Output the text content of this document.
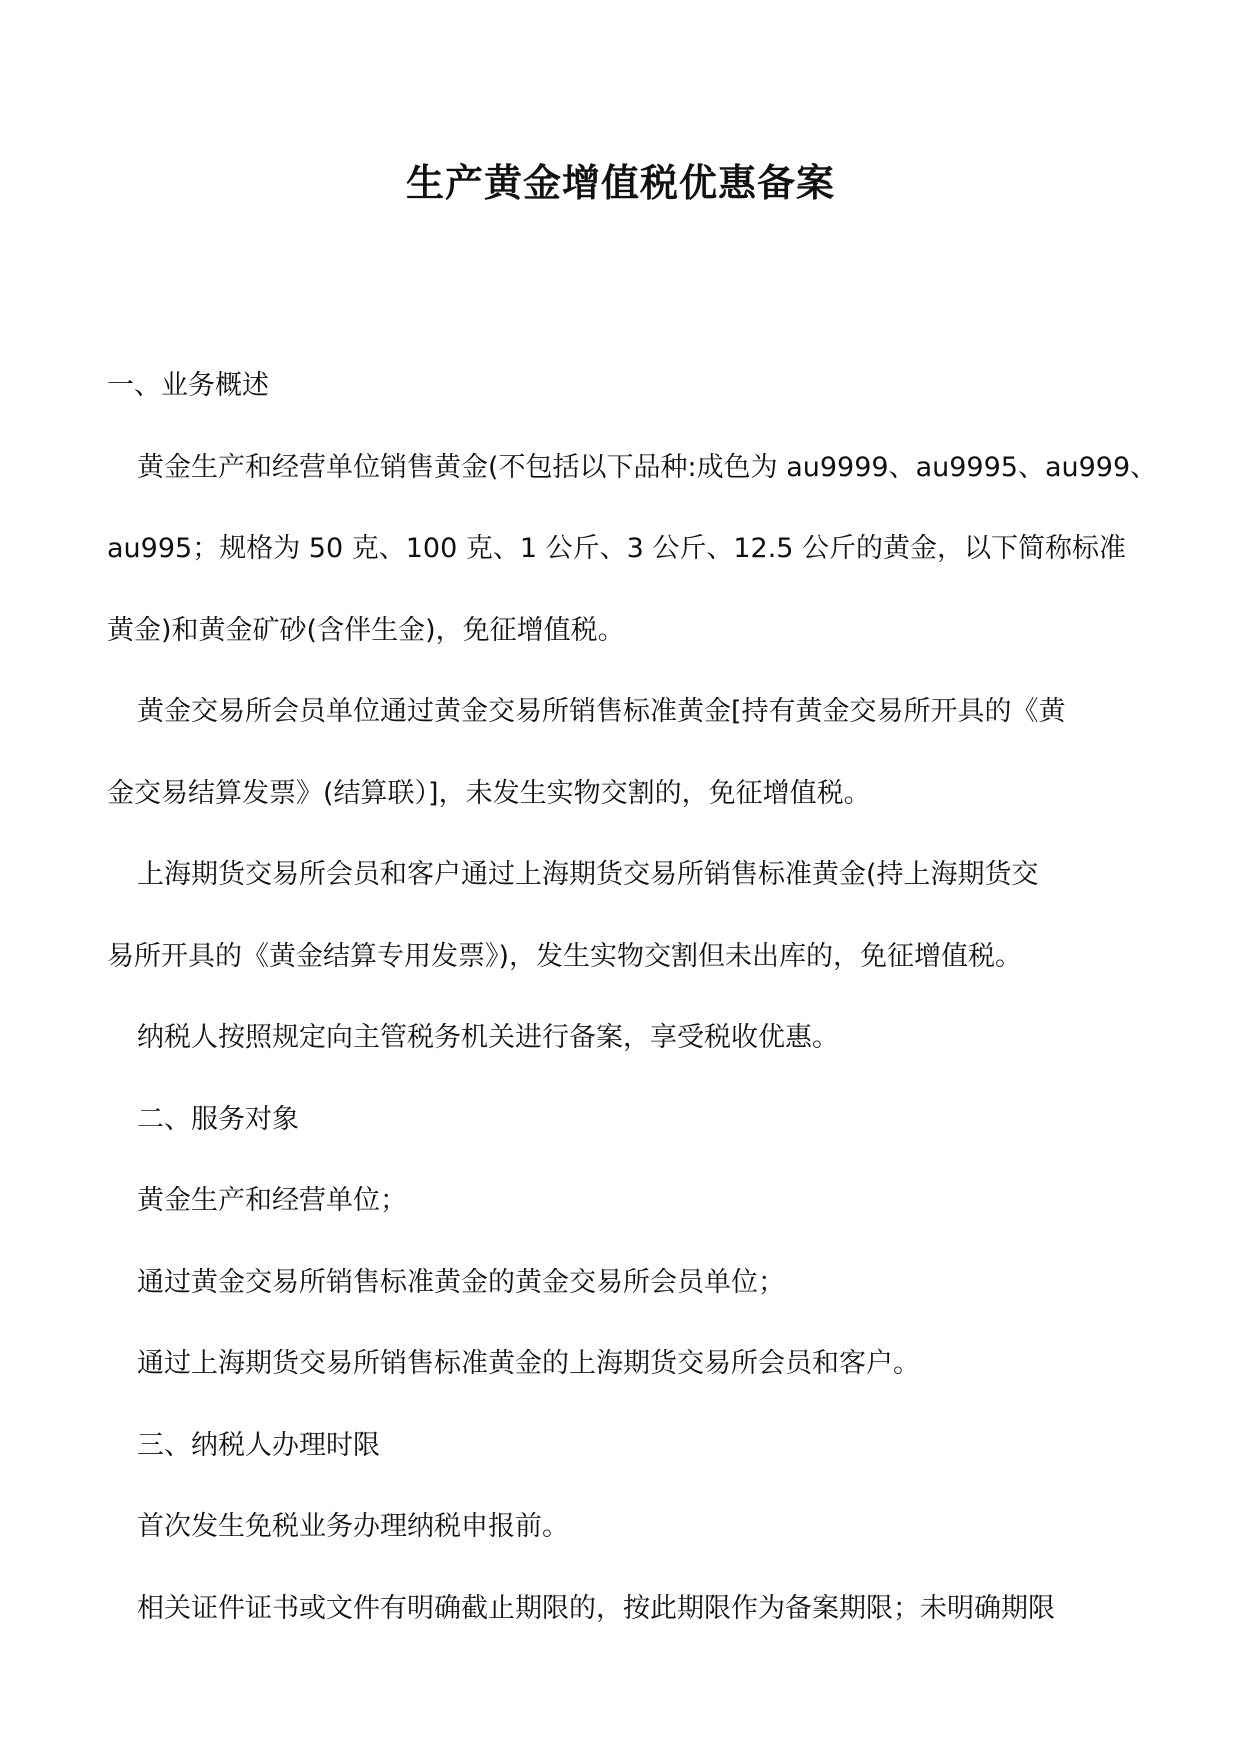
生产黄金增值税优惠备案
一、业务概述
黄金生产和经营单位销售黄金(不包括以下品种:成色为 au9999、au9995、au999、
au995；规格为 50 克、100 克、1 公斤、3 公斤、12.5 公斤的黄金，以下简称标准
黄金)和黄金矿砂(含伴生金)，免征增值税。
黄金交易所会员单位通过黄金交易所销售标准黄金[持有黄金交易所开具的《黄
金交易结算发票》(结算联）]，未发生实物交割的，免征增值税。
上海期货交易所会员和客户通过上海期货交易所销售标准黄金(持上海期货交
易所开具的《黄金结算专用发票》)，发生实物交割但未出库的，免征增值税。
纳税人按照规定向主管税务机关进行备案，享受税收优惠。
二、服务对象
黄金生产和经营单位；
通过黄金交易所销售标准黄金的黄金交易所会员单位；
通过上海期货交易所销售标准黄金的上海期货交易所会员和客户。
三、纳税人办理时限
首次发生免税业务办理纳税申报前。
相关证件证书或文件有明确截止期限的，按此期限作为备案期限；未明确期限
